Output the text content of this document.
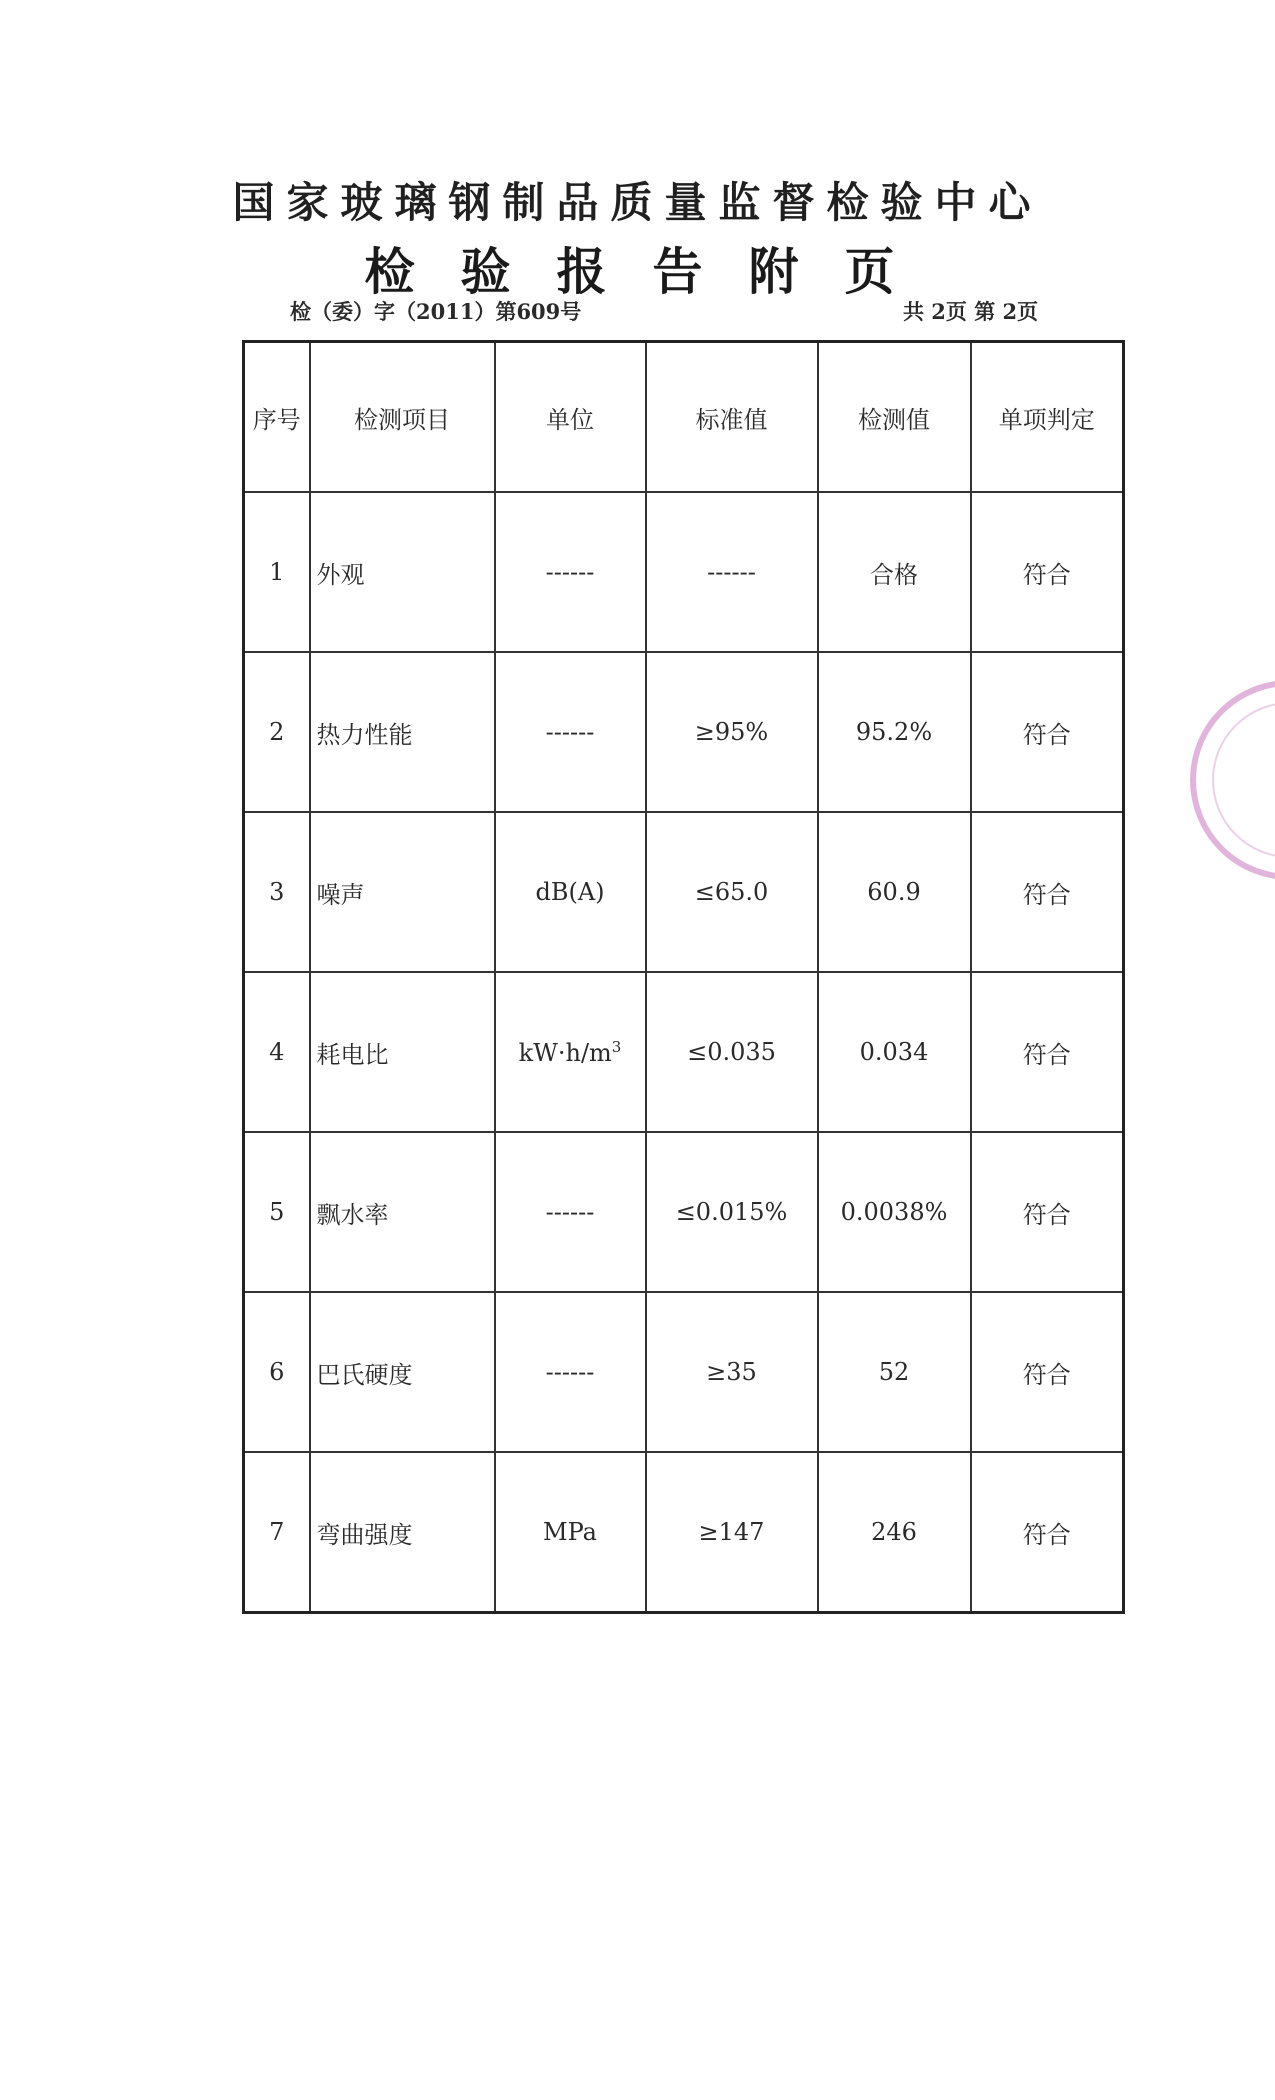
国家玻璃钢制品质量监督检验中心
检验报告附页
检（委）字（2011）第609号	共 2页 第 2页
序号	检测项目	单位	标准值	检测值	单项判定
1	外观	------	------	合格	符合
2	热力性能	------	≥95%	95.2%	符合
3	噪声	dB(A)	≤65.0	60.9	符合
4	耗电比	$kW\cdot h/m^3$	≤0.035	0.034	符合
5	飘水率	------	≤0.015%	0.0038%	符合
6	巴氏硬度	------	≥35	52	符合
7	弯曲强度	MPa	≥147	246	符合
